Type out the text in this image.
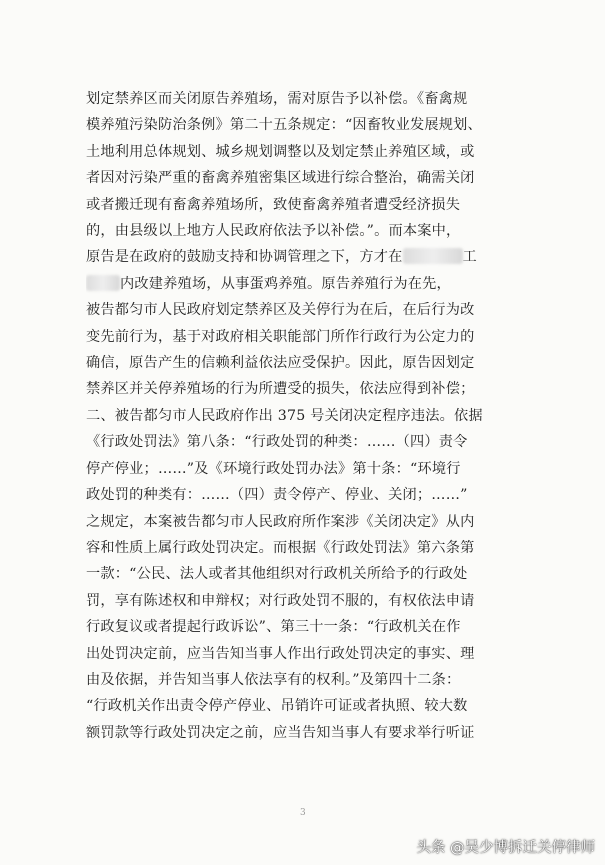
划定禁养区而关闭原告养殖场，需对原告予以补偿。《畜禽规
模养殖污染防治条例》第二十五条规定：“因畜牧业发展规划、
土地利用总体规划、城乡规划调整以及划定禁止养殖区域，或
者因对污染严重的畜禽养殖密集区域进行综合整治，确需关闭
或者搬迁现有畜禽养殖场所，致使畜禽养殖者遭受经济损失
的，由县级以上地方人民政府依法予以补偿。”。而本案中，
原告是在政府的鼓励支持和协调管理之下，方才在	工
内改建养殖场，从事蛋鸡养殖。原告养殖行为在先，
被告都匀市人民政府划定禁养区及关停行为在后，在后行为改
变先前行为，基于对政府相关职能部门所作行政行为公定力的
确信，原告产生的信赖利益依法应受保护。因此，原告因划定
禁养区并关停养殖场的行为所遭受的损失，依法应得到补偿；
二、被告都匀市人民政府作出 375 号关闭决定程序违法。依据
《行政处罚法》第八条：“行政处罚的种类：……（四）责令
停产停业；……”及《环境行政处罚办法》第十条：“环境行
政处罚的种类有：……（四）责令停产、停业、关闭；……”
之规定，本案被告都匀市人民政府所作案涉《关闭决定》从内
容和性质上属行政处罚决定。而根据《行政处罚法》第六条第
一款：“公民、法人或者其他组织对行政机关所给予的行政处
罚，享有陈述权和申辩权；对行政处罚不服的，有权依法申请
行政复议或者提起行政诉讼”、第三十一条：“行政机关在作
出处罚决定前，应当告知当事人作出行政处罚决定的事实、理
由及依据，并告知当事人依法享有的权利。”及第四十二条：
“行政机关作出责令停产停业、吊销许可证或者执照、较大数
额罚款等行政处罚决定之前，应当告知当事人有要求举行听证
3
头条 @吴少博拆迁关停律师
